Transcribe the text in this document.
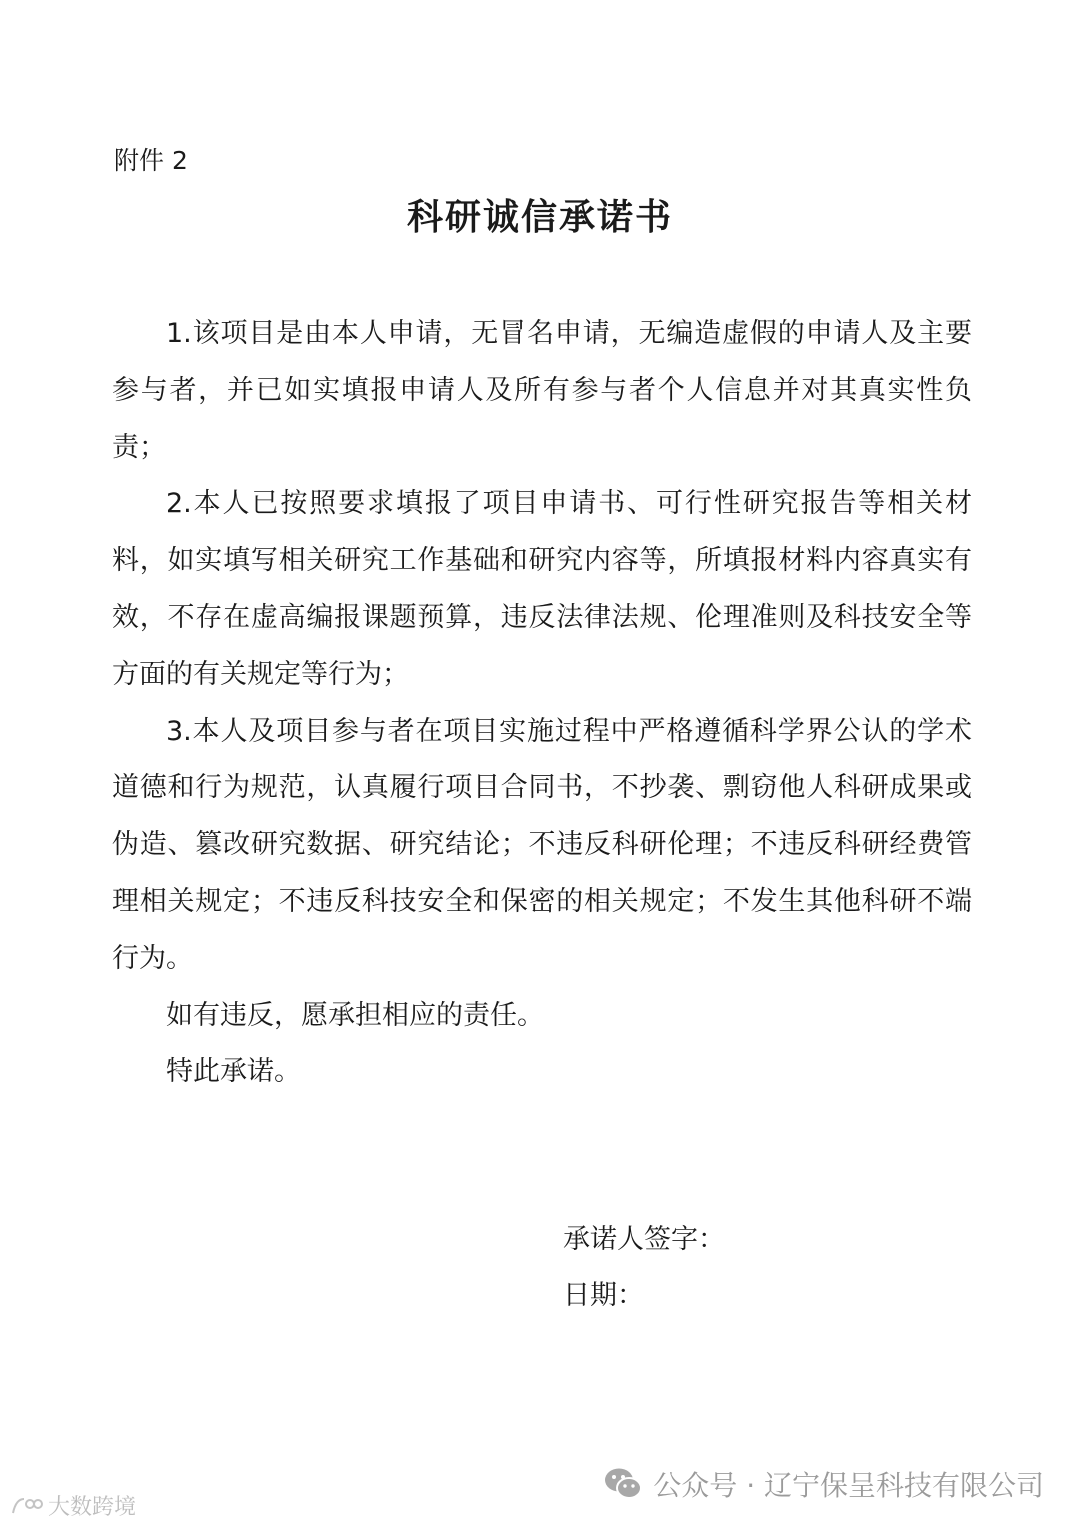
附件 2
科研诚信承诺书

1.该项目是由本人申请，无冒名申请，无编造虚假的申请人及主要参与者，并已如实填报申请人及所有参与者个人信息并对其真实性负责；

2.本人已按照要求填报了项目申请书、可行性研究报告等相关材料，如实填写相关研究工作基础和研究内容等，所填报材料内容真实有效，不存在虚高编报课题预算，违反法律法规、伦理准则及科技安全等方面的有关规定等行为；

3.本人及项目参与者在项目实施过程中严格遵循科学界公认的学术道德和行为规范，认真履行项目合同书，不抄袭、剽窃他人科研成果或伪造、篡改研究数据、研究结论；不违反科研伦理；不违反科研经费管理相关规定；不违反科技安全和保密的相关规定；不发生其他科研不端行为。

如有违反，愿承担相应的责任。

特此承诺。

承诺人签字：
日期：
公众号 · 辽宁保呈科技有限公司
大数跨境
